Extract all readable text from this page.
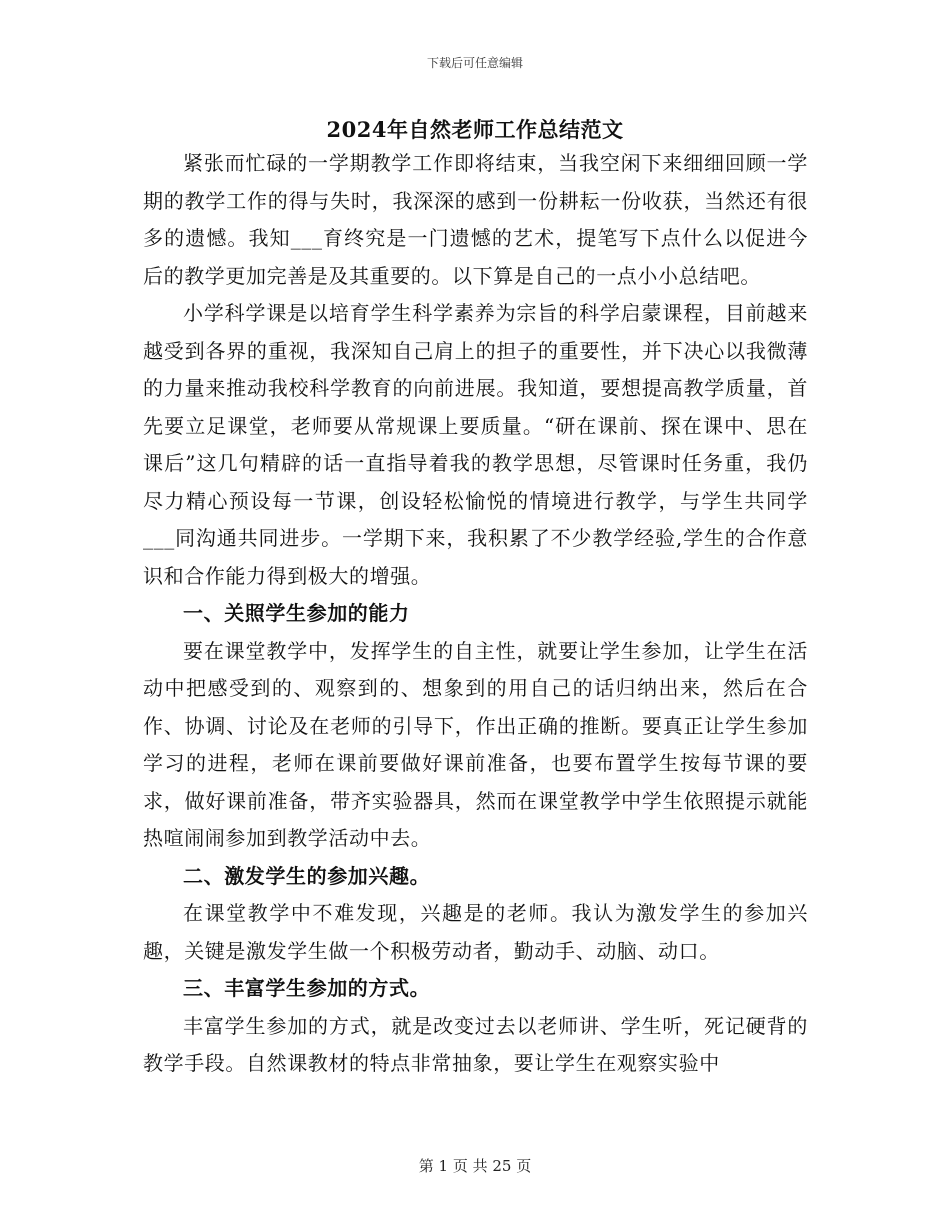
下载后可任意编辑
2024年自然老师工作总结范文

紧张而忙碌的一学期教学工作即将结束，当我空闲下来细细回顾一学期的教学工作的得与失时，我深深的感到一份耕耘一份收获，当然还有很多的遗憾。我知___育终究是一门遗憾的艺术，提笔写下点什么以促进今后的教学更加完善是及其重要的。以下算是自己的一点小小总结吧。

小学科学课是以培育学生科学素养为宗旨的科学启蒙课程，目前越来越受到各界的重视，我深知自己肩上的担子的重要性，并下决心以我微薄的力量来推动我校科学教育的向前进展。我知道，要想提高教学质量，首先要立足课堂，老师要从常规课上要质量。“研在课前、探在课中、思在课后”这几句精辟的话一直指导着我的教学思想，尽管课时任务重，我仍尽力精心预设每一节课，创设轻松愉悦的情境进行教学，与学生共同学___同沟通共同进步。一学期下来，我积累了不少教学经验,学生的合作意识和合作能力得到极大的增强。

一、关照学生参加的能力

要在课堂教学中，发挥学生的自主性，就要让学生参加，让学生在活动中把感受到的、观察到的、想象到的用自己的话归纳出来，然后在合作、协调、讨论及在老师的引导下，作出正确的推断。要真正让学生参加学习的进程，老师在课前要做好课前准备，也要布置学生按每节课的要求，做好课前准备，带齐实验器具，然而在课堂教学中学生依照提示就能热喧闹闹参加到教学活动中去。

二、激发学生的参加兴趣。

在课堂教学中不难发现，兴趣是的老师。我认为激发学生的参加兴趣，关键是激发学生做一个积极劳动者，勤动手、动脑、动口。

三、丰富学生参加的方式。

丰富学生参加的方式，就是改变过去以老师讲、学生听，死记硬背的教学手段。自然课教材的特点非常抽象，要让学生在观察实验中

第 1 页 共 25 页
